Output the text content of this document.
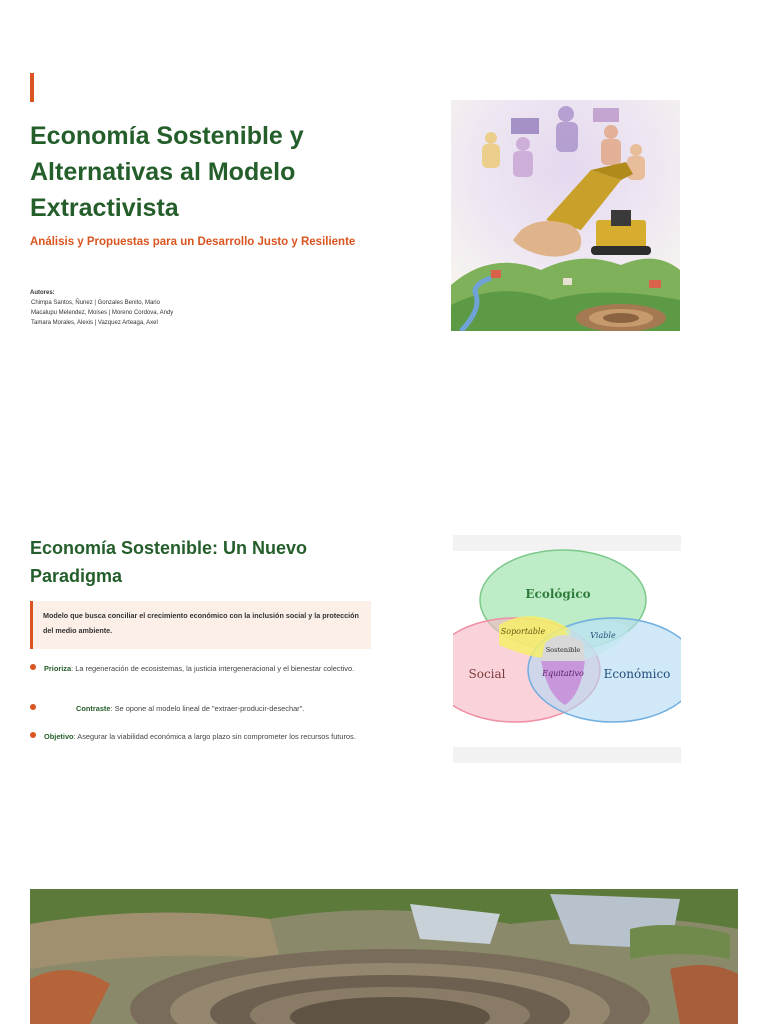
Economía Sostenible y Alternativas al Modelo Extractivista

Análisis y Propuestas para un Desarrollo Justo y Resiliente

Autores:
Chimpa Santos, Ñunez | Gonzales Benito, Mario
Macalupu Melendez, Moises | Moreno Cordova, Andy
Tamara Morales, Alexis | Vazquez Arteaga, Axel
Economía Sostenible: Un Nuevo Paradigma
Modelo que busca conciliar el crecimiento económico con la inclusión social y la protección del medio ambiente.
Prioriza: La regeneración de ecosistemas, la justicia intergeneracional y el bienestar colectivo.
Contraste: Se opone al modelo lineal de "extraer-producir-desechar".
Objetivo: Asegurar la viabilidad económica a largo plazo sin comprometer los recursos futuros.
Ecológico
Social	Económico
Soportable	Viable
Sostenible
Equitativo
